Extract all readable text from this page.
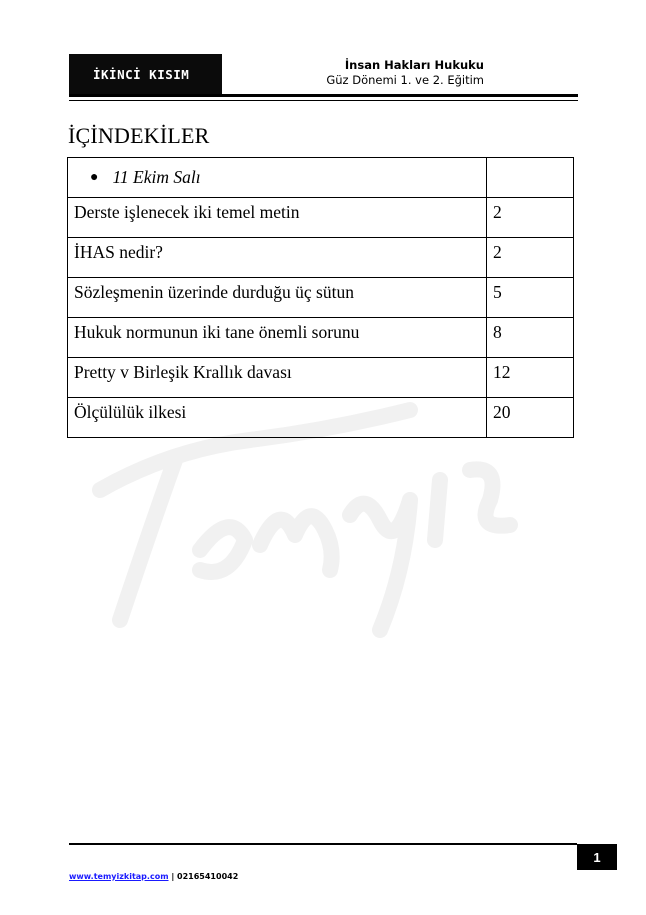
İKİNCİ KISIM
İnsan Hakları Hukuku
Güz Dönemi 1. ve 2. Eğitim
İÇİNDEKİLER
● 11 Ekim Salı	

Derste işlenecek iki temel metin	2
İHAS nedir?	2
Sözleşmenin üzerinde durduğu üç sütun	5
Hukuk normunun iki tane önemli sorunu	8
Pretty v Birleşik Krallık davası	12
Ölçülülük ilkesi	20
1
www.temyizkitap.com | 02165410042
